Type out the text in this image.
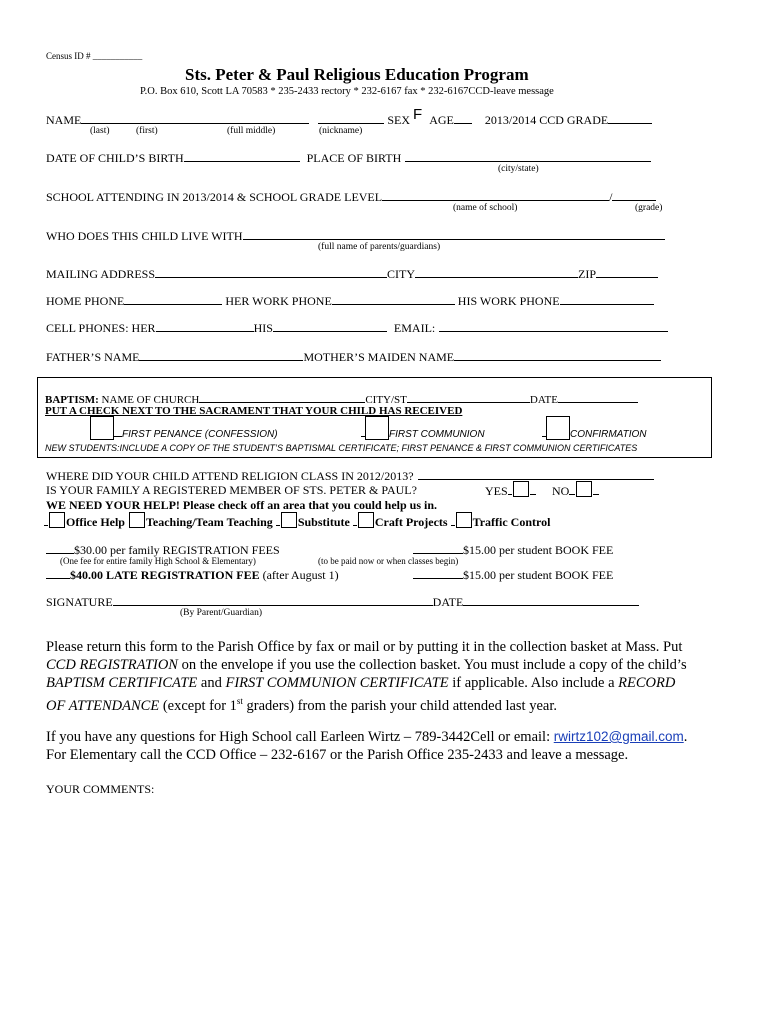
Census ID # ___________
Sts. Peter & Paul Religious Education Program
P.O. Box 610, Scott LA 70583 * 235-2433 rectory * 232-6167 fax * 232-6167CCD-leave message
NAME	SEX F AGE	2013/2014 CCD GRADE
(last)	(first)	(full middle)	(nickname)
DATE OF CHILD’S BIRTH	PLACE OF BIRTH
(city/state)
SCHOOL ATTENDING IN 2013/2014 & SCHOOL GRADE LEVEL	/
(name of school)	(grade)
WHO DOES THIS CHILD LIVE WITH
(full name of parents/guardians)
MAILING ADDRESS	CITY	ZIP
HOME PHONE	HER WORK PHONE	HIS WORK PHONE
CELL PHONES: HER	HIS	EMAIL:
FATHER’S NAME	MOTHER’S MAIDEN NAME
BAPTISM: NAME OF CHURCH	CITY/ST	DATE
PUT A CHECK NEXT TO THE SACRAMENT THAT YOUR CHILD HAS RECEIVED
FIRST PENANCE (CONFESSION)	FIRST COMMUNION	CONFIRMATION
NEW STUDENTS:INCLUDE A COPY OF THE STUDENT’S BAPTISMAL CERTIFICATE; FIRST PENANCE & FIRST COMMUNION CERTIFICATES
WHERE DID YOUR CHILD ATTEND RELIGION CLASS IN 2012/2013?
IS YOUR FAMILY A REGISTERED MEMBER OF STS. PETER & PAUL?	YES	NO
WE NEED YOUR HELP! Please check off an area that you could help us in.
Office Help Teaching/Team Teaching Substitute Craft Projects Traffic Control
$30.00 per family REGISTRATION FEES	$15.00 per student BOOK FEE
(One fee for entire family High School & Elementary)	(to be paid now or when classes begin)
$40.00 LATE REGISTRATION FEE (after August 1)	$15.00 per student BOOK FEE
SIGNATURE	DATE
(By Parent/Guardian)
Please return this form to the Parish Office by fax or mail or by putting it in the collection basket at Mass. Put
CCD REGISTRATION on the envelope if you use the collection basket. You must include a copy of the child’s
BAPTISM CERTIFICATE and FIRST COMMUNION CERTIFICATE if applicable. Also include a RECORD
OF ATTENDANCE (except for 1st graders) from the parish your child attended last year.
If you have any questions for High School call Earleen Wirtz – 789-3442Cell or email: rwirtz102@gmail.com.
For Elementary call the CCD Office – 232-6167 or the Parish Office 235-2433 and leave a message.
YOUR COMMENTS:
